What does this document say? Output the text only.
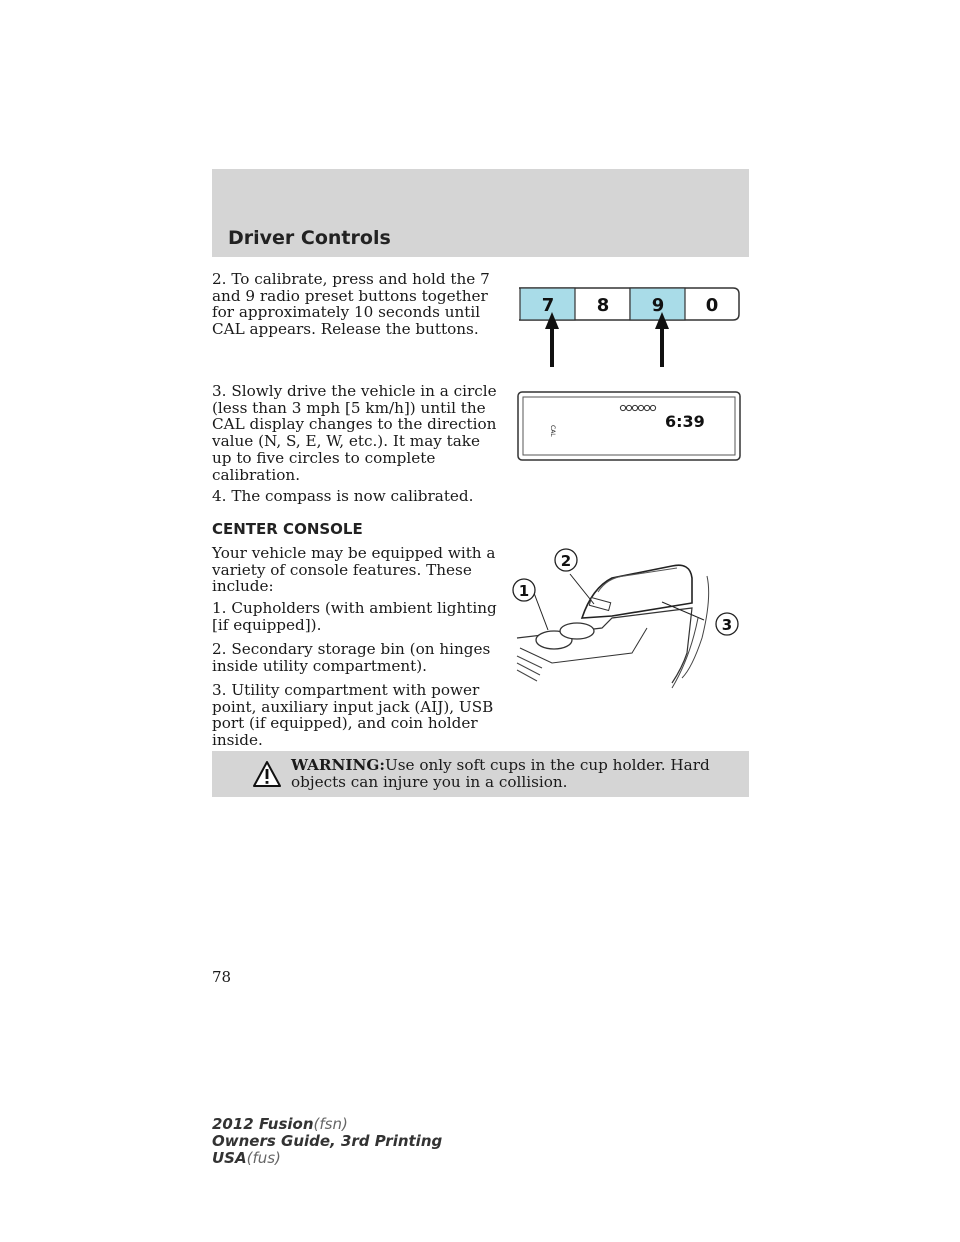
Driver Controls
2. To calibrate, press and hold the 7 and 9 radio preset buttons together for approximately 10 seconds until CAL appears. Release the buttons.
3. Slowly drive the vehicle in a circle (less than 3 mph [5 km/h]) until the CAL display changes to the direction value (N, S, E, W, etc.). It may take up to five circles to complete calibration.
4. The compass is now calibrated.
CENTER CONSOLE
Your vehicle may be equipped with a variety of console features. These include:
1. Cupholders (with ambient lighting [if equipped]).
2. Secondary storage bin (on hinges inside utility compartment).
3. Utility compartment with power point, auxiliary input jack (AIJ), USB port (if equipped), and coin holder inside.
7 8 9 0
6:39
CAL
1
2
3
WARNING:Use only soft cups in the cup holder. Hard objects can injure you in a collision.
78
2012 Fusion(fsn)
Owners Guide, 3rd Printing
USA(fus)
